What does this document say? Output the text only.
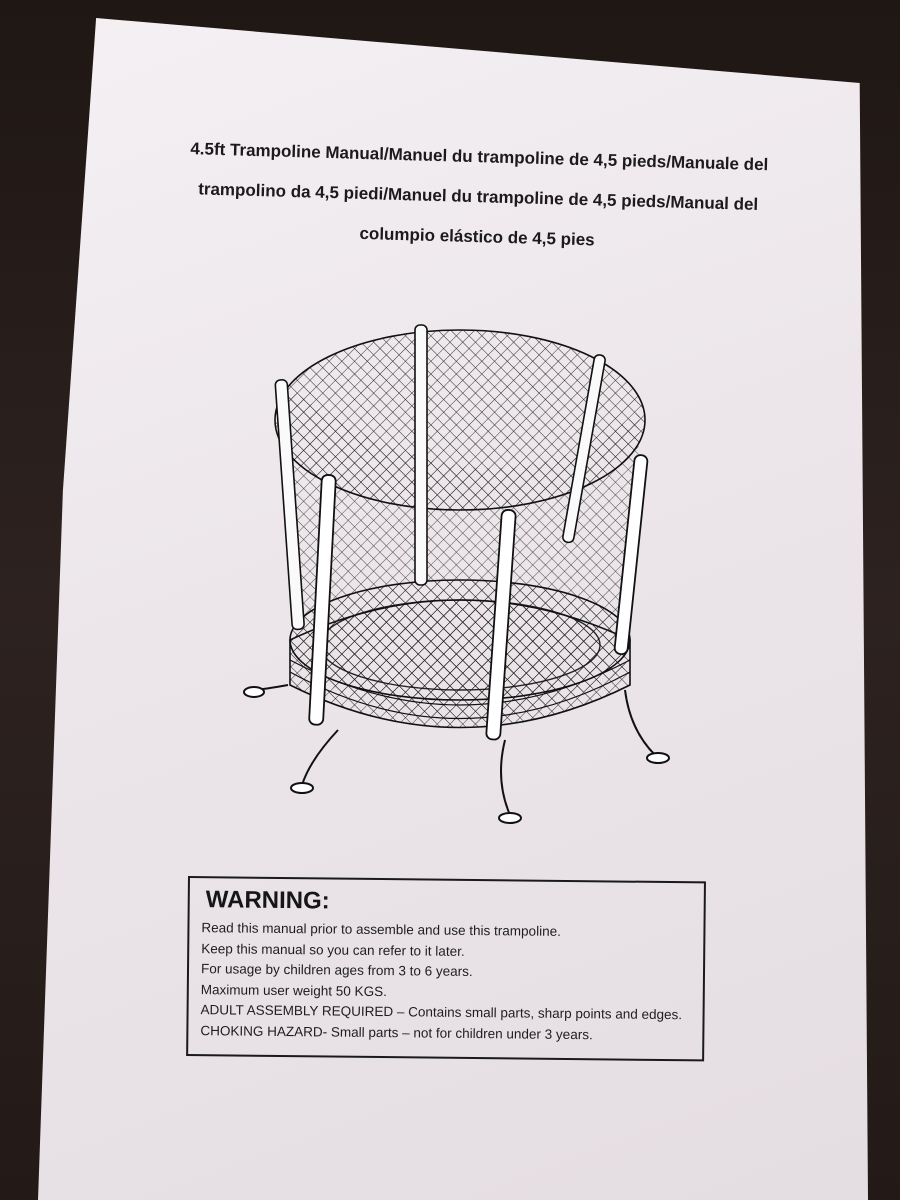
4.5ft Trampoline Manual/Manuel du trampoline de 4,5 pieds/Manuale del
trampolino da 4,5 piedi/Manuel du trampoline de 4,5 pieds/Manual del
columpio elástico de 4,5 pies
WARNING:
Read this manual prior to assemble and use this trampoline.
Keep this manual so you can refer to it later.
For usage by children ages from 3 to 6 years.
Maximum user weight 50 KGS.
ADULT ASSEMBLY REQUIRED – Contains small parts, sharp points and edges.
CHOKING HAZARD- Small parts – not for children under 3 years.
